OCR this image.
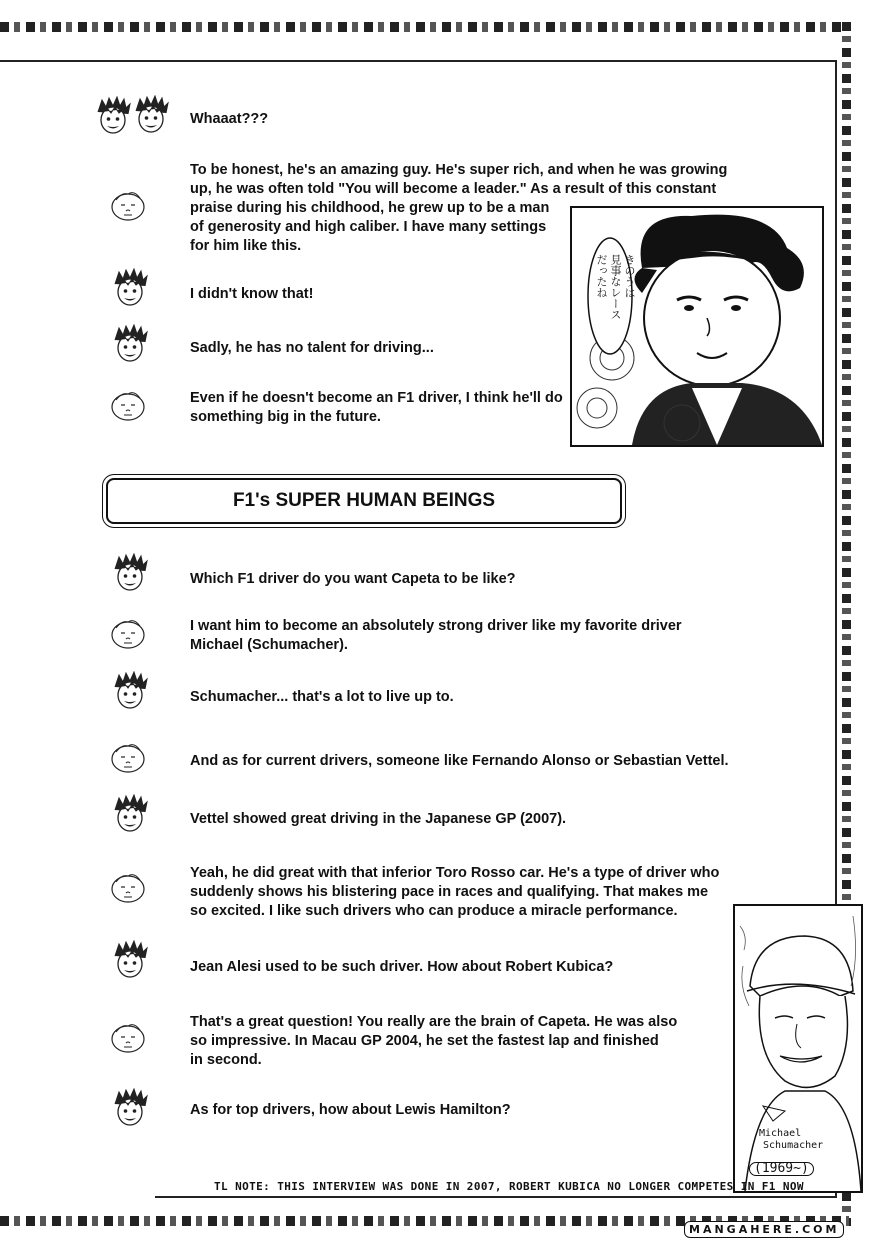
Whaaat???
To be honest, he's an amazing guy. He's super rich, and when he was growing
up, he was often told "You will become a leader." As a result of this constant
praise during his childhood, he grew up to be a man
of generosity and high caliber. I have many settings
for him like this.
I didn't know that!
Sadly, he has no talent for driving...
Even if he doesn't become an F1 driver, I think he'll do
something big in the future.
きのうは
見事なレース
だったね
F1's SUPER HUMAN BEINGS
Which F1 driver do you want Capeta to be like?
I want him to become an absolutely strong driver like my favorite driver
Michael (Schumacher).
Schumacher... that's a lot to live up to.
And as for current drivers, someone like Fernando Alonso or Sebastian Vettel.
Vettel showed great driving in the Japanese GP (2007).
Yeah, he did great with that inferior Toro Rosso car. He's a type of driver who
suddenly shows his blistering pace in races and qualifying. That makes me
so excited. I like such drivers who can produce a miracle performance.
Jean Alesi used to be such driver. How about Robert Kubica?
That's a great question! You really are the brain of Capeta. He was also
so impressive. In Macau GP 2004, he set the fastest lap and finished
in second.
As for top drivers, how about Lewis Hamilton?
Michael
Schumacher
(1969~)
TL NOTE: THIS INTERVIEW WAS DONE IN 2007, ROBERT KUBICA NO LONGER COMPETES IN F1 NOW
MANGAHERE.COM
